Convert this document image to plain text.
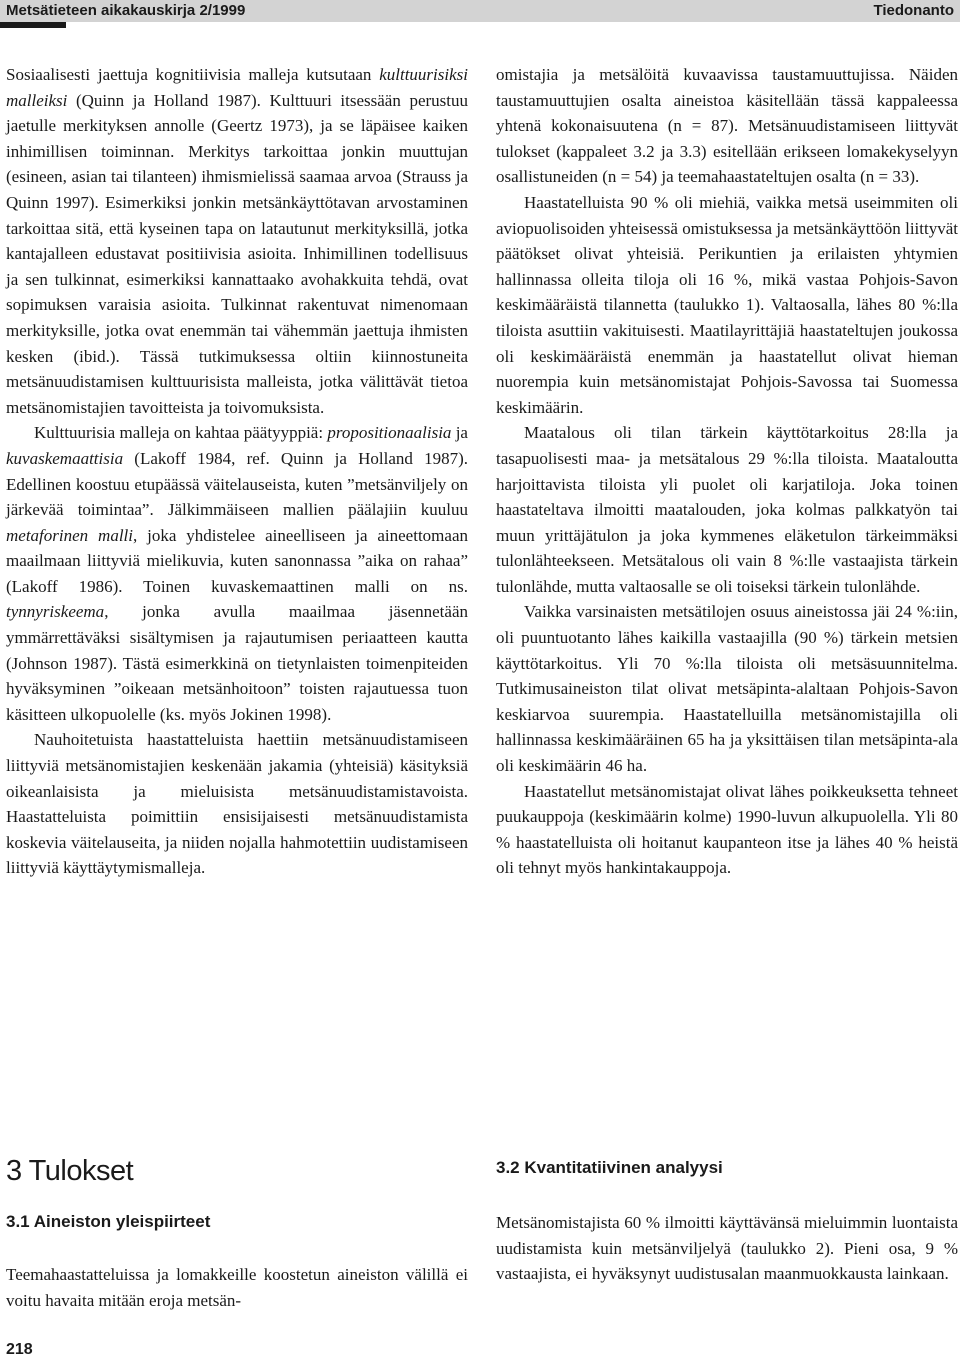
Metsätieteen aikakauskirja 2/1999	Tiedonanto

Sosiaalisesti jaettuja kognitiivisia malleja kutsutaan kulttuurisiksi malleiksi (Quinn ja Holland 1987). Kulttuuri itsessään perustuu jaetulle merkityksen annolle (Geertz 1973), ja se läpäisee kaiken inhimillisen toiminnan. Merkitys tarkoittaa jonkin muuttujan (esineen, asian tai tilanteen) ihmismielissä saamaa arvoa (Strauss ja Quinn 1997). Esimerkiksi jonkin metsänkäyttötavan arvostaminen tarkoittaa sitä, että kyseinen tapa on latautunut merkityksillä, jotka kantajalleen edustavat positiivisia asioita. Inhimillinen todellisuus ja sen tulkinnat, esimerkiksi kannattaako avohakkuita tehdä, ovat sopimuksen varaisia asioita. Tulkinnat rakentuvat nimenomaan merkityksille, jotka ovat enemmän tai vähemmän jaettuja ihmisten kesken (ibid.). Tässä tutkimuksessa oltiin kiinnostuneita metsänuudistamisen kulttuurisista malleista, jotka välittävät tietoa metsänomistajien tavoitteista ja toivomuksista.

Kulttuurisia malleja on kahtaa päätyyppiä: propositionaalisia ja kuvaskemaattisia (Lakoff 1984, ref. Quinn ja Holland 1987). Edellinen koostuu etupäässä väitelauseista, kuten ”metsänviljely on järkevää toimintaa”. Jälkimmäiseen mallien päälajiin kuuluu metaforinen malli, joka yhdistelee aineelliseen ja aineettomaan maailmaan liittyviä mielikuvia, kuten sanonnassa ”aika on rahaa” (Lakoff 1986). Toinen kuvaskemaattinen malli on ns. tynnyriskeema, jonka avulla maailmaa jäsennetään ymmärrettäväksi sisältymisen ja rajautumisen periaatteen kautta (Johnson 1987). Tästä esimerkkinä on tietynlaisten toimenpiteiden hyväksyminen ”oikeaan metsänhoitoon” toisten rajautuessa tuon käsitteen ulkopuolelle (ks. myös Jokinen 1998).

Nauhoitetuista haastatteluista haettiin metsänuudistamiseen liittyviä metsänomistajien keskenään jakamia (yhteisiä) käsityksiä oikeanlaisista ja mieluisista metsänuudistamistavoista. Haastatteluista poimittiin ensisijaisesti metsänuudistamista koskevia väitelauseita, ja niiden nojalla hahmotettiin uudistamiseen liittyviä käyttäytymismalleja.

omistajia ja metsälöitä kuvaavissa taustamuuttujissa. Näiden taustamuuttujien osalta aineistoa käsitellään tässä kappaleessa yhtenä kokonaisuutena (n = 87). Metsänuudistamiseen liittyvät tulokset (kappaleet 3.2 ja 3.3) esitellään erikseen lomakekyselyyn osallistuneiden (n = 54) ja teemahaastateltujen osalta (n = 33).

Haastatelluista 90 % oli miehiä, vaikka metsä useimmiten oli aviopuolisoiden yhteisessä omistuksessa ja metsänkäyttöön liittyvät päätökset olivat yhteisiä. Perikuntien ja erilaisten yhtymien hallinnassa olleita tiloja oli 16 %, mikä vastaa Pohjois-Savon keskimääräistä tilannetta (taulukko 1). Valtaosalla, lähes 80 %:lla tiloista asuttiin vakituisesti. Maatilayrittäjiä haastateltujen joukossa oli keskimääräistä enemmän ja haastatellut olivat hieman nuorempia kuin metsänomistajat Pohjois-Savossa tai Suomessa keskimäärin.

Maatalous oli tilan tärkein käyttötarkoitus 28:lla ja tasapuolisesti maa- ja metsätalous 29 %:lla tiloista. Maataloutta harjoittavista tiloista yli puolet oli karjatiloja. Joka toinen haastateltava ilmoitti maatalouden, joka kolmas palkkatyön tai muun yrittäjätulon ja joka kymmenes eläketulon tärkeimmäksi tulonlähteekseen. Metsätalous oli vain 8 %:lle vastaajista tärkein tulonlähde, mutta valtaosalle se oli toiseksi tärkein tulonlähde.

Vaikka varsinaisten metsätilojen osuus aineistossa jäi 24 %:iin, oli puuntuotanto lähes kaikilla vastaajilla (90 %) tärkein metsien käyttötarkoitus. Yli 70 %:lla tiloista oli metsäsuunnitelma. Tutkimusaineiston tilat olivat metsäpinta-alaltaan Pohjois-Savon keskiarvoa suurempia. Haastatelluilla metsänomistajilla oli hallinnassa keskimääräinen 65 ha ja yksittäisen tilan metsäpinta-ala oli keskimäärin 46 ha.

Haastatellut metsänomistajat olivat lähes poikkeuksetta tehneet puukauppoja (keskimäärin kolme) 1990-luvun alkupuolella. Yli 80 % haastatelluista oli hoitanut kaupanteon itse ja lähes 40 % heistä oli tehnyt myös hankintakauppoja.

3 Tulokset
3.1 Aineiston yleispiirteet

Teemahaastatteluissa ja lomakkeille koostetun aineiston välillä ei voitu havaita mitään eroja metsän-

3.2 Kvantitatiivinen analyysi

Metsänomistajista 60 % ilmoitti käyttävänsä mieluimmin luontaista uudistamista kuin metsänviljelyä (taulukko 2). Pieni osa, 9 % vastaajista, ei hyväksynyt uudistusalan maanmuokkausta lainkaan.

218
